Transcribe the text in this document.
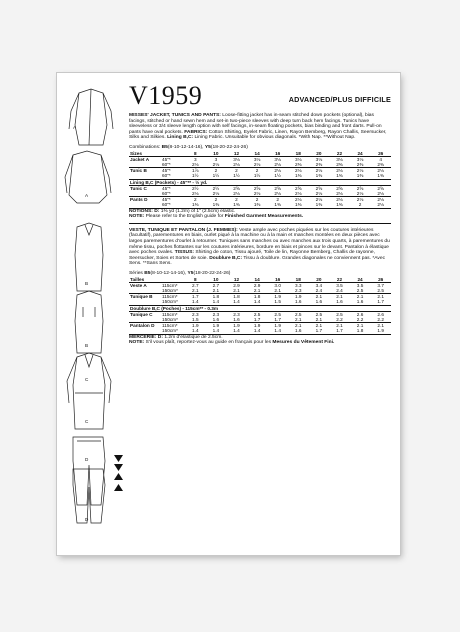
A
A
B
B
C
C
D
D
ADVANCED/PLUS DIFFICILE
V1959
MISSES' JACKET, TUNICS AND PANTS: Loose-fitting jacket has in-seam stitched down pockets (optional), bias facings, stitched or hand sewn hem and set-in two-piece sleeves with deep turn back hem facings. Tunics have sleeveless or 3/4 sleeve length option with self facings, in-seam floating pockets, bias binding and front darts. Pull-on pants have oval pockets. FABRICS: Cotton Shirting, Eyelet Fabric, Linen, Rayon Bemberg, Rayon Challis, Seersucker, Silks and Silkies. Lining B,C: Lining Fabric. Unsuitable for obvious diagonals. *With Nap. **Without Nap.
Combinations: B5(8-10-12-14-16), Y5(18-20-22-24-26)
Sizes		8	10	12	14	16	18	20	22	24	26
Jacket A	45"*	3	3	3⅛	3⅛	3⅛	3⅛	3⅛	3⅛	3⅛	4
	60"*	2⅛	2⅛	2⅛	2⅛	2⅛	2⅜	2⅜	2⅜	2⅜	2⅜
Tunic B	45"*	1⅞	2	2	2	2⅛	2⅛	2⅛	2⅛	2⅛	2⅛
	60"*	1½	1½	1½	1½	1½	1⅜	1⅜	1⅜	1⅜	1⅜
Lining B,C (Pockets) - 45"** - ½ yd.											
Tunic C	45"*	2½	2½	2⅝	2⅝	2⅝	2⅝	2⅝	2⅝	2⅝	2⅝
	60"*	2⅛	2⅛	2⅛	2⅛	2⅛	2⅛	2⅛	2⅛	2⅛	2⅛
Pants D	45"*	2	2	2	2	2	2⅛	2⅛	2⅛	2⅛	2⅛
	60"*	1⅜	1⅜	1⅜	1⅜	1⅜	1⅜	1⅜	1⅜	2	2⅛
NOTIONS: D: 1⅜ yd (1.2m) of 1" (2.5cm) elastic.
NOTE: Please refer to the English guide for Finished Garment Measurements.
VESTE, TUNIQUE ET PANTALON (J. FEMMES): Veste ample avec poches piquées sur les coutures intérieures (facultatif), parementures en biais, ourlet piqué à la machine ou à la main et manches montées en deux pièces avec larges parementures d'ourlet à retourner. Tuniques sans manches ou avec manches aux trois quarts, à parementures du même tissu, poches flottantes sur les coutures intérieures, bordure en biais et pinces sur le devant. Pantalon à élastique avec poches ovales. TISSUS: Shirting de coton, Tissu ajouré, Toile de lin, Rayonne Bemberg, Challis de rayonne, Seersucker, Soies et Sortes de soie. Doublure B,C: Tissu à doublure. Grandes diagonales ne conviennent pas. *Avec Sens. **Sans Sens.
Séries B5(8-10-12-14-16), Y5(18-20-22-24-26)
Tailles		8	10	12	14	16	18	20	22	24	26
Veste A	115cm*	2.7	2.7	2.9	2.9	3.0	3.3	3.4	3.5	3.5	3.7
	150cm*	2.1	2.1	2.1	2.1	2.1	2.3	2.4	2.4	2.5	2.5
Tunique B	115cm*	1.7	1.8	1.8	1.8	1.9	1.9	2.1	2.1	2.1	2.1
	150cm*	1.4	1.4	1.4	1.4	1.5	1.6	1.6	1.6	1.6	1.7
Doublure B,C (Poches) - 115cm** - 0.3m											
Tunique C	115cm*	2.3	2.3	2.3	2.5	2.5	2.5	2.5	2.5	2.6	2.6
	150cm*	1.5	1.6	1.6	1.7	1.7	2.1	2.1	2.2	2.2	2.2
Pantalon D	115cm*	1.9	1.9	1.9	1.9	1.9	2.1	2.1	2.1	2.1	2.1
	150cm*	1.4	1.4	1.4	1.4	1.4	1.6	1.7	1.7	1.8	1.9
MERCERIE: D: 1.2m d'élastique de 2.5cm.
NOTE: S'il vous plaît, reportez-vous au guide en français pour les Mesures du Vêtement Fini.
